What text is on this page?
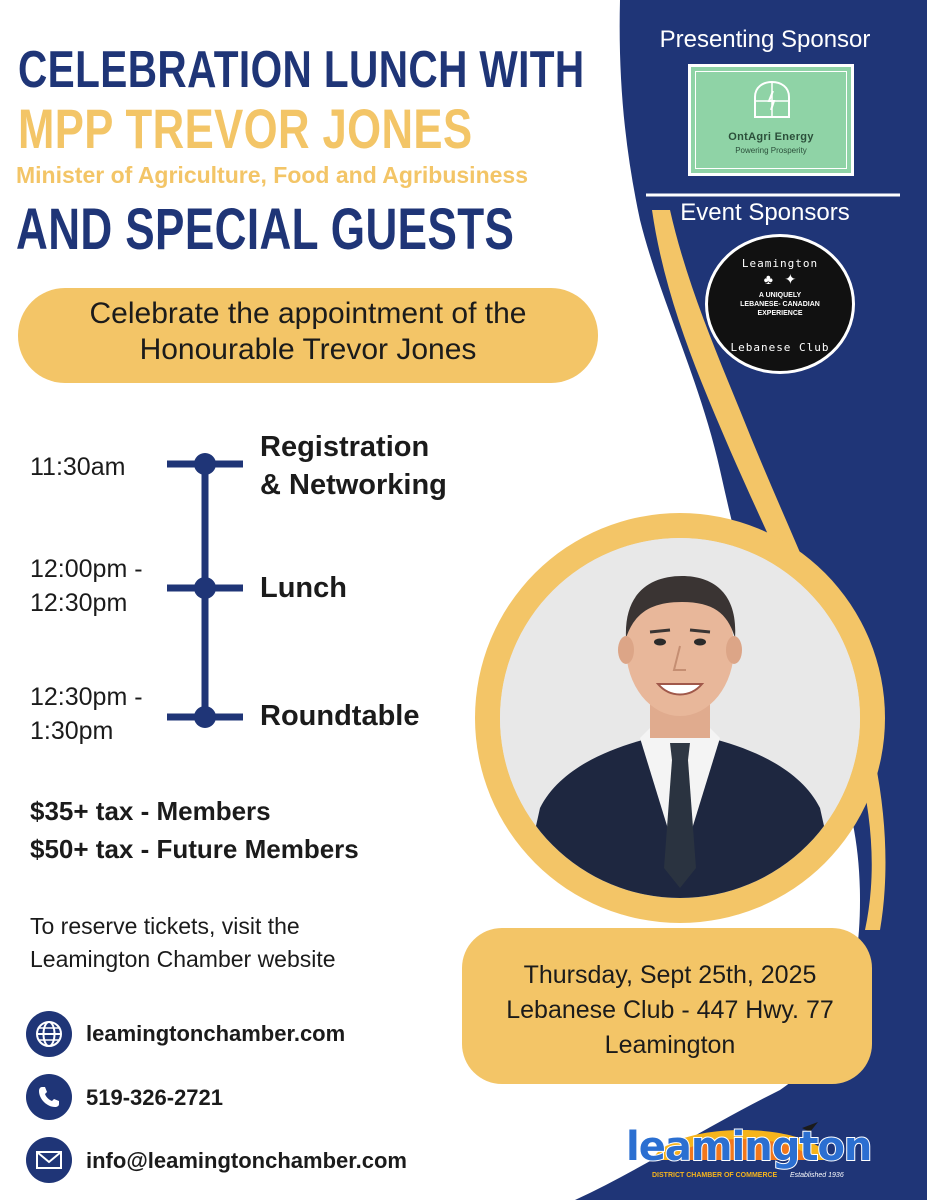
CELEBRATION LUNCH WITH
MPP TREVOR JONES
Minister of Agriculture, Food and Agribusiness
AND SPECIAL GUESTS
Celebrate the appointment of the
Honourable Trevor Jones
11:30am
Registration
& Networking
12:00pm -
12:30pm	Lunch
12:30pm -
1:30pm	Roundtable
$35+ tax - Members
$50+ tax - Future Members
To reserve tickets, visit the
Leamington Chamber website
leamingtonchamber.com
519-326-2721
info@leamingtonchamber.com
Presenting Sponsor
OntAgri Energy
Powering Prosperity
Event Sponsors
Leamington
♣   ✦
A UNIQUELY
LEBANESE- CANADIAN
EXPERIENCE
Lebanese Club
Thursday, Sept 25th, 2025
Lebanese Club - 447 Hwy. 77
Leamington
leamington
DISTRICT CHAMBER OF COMMERCE Established 1936
